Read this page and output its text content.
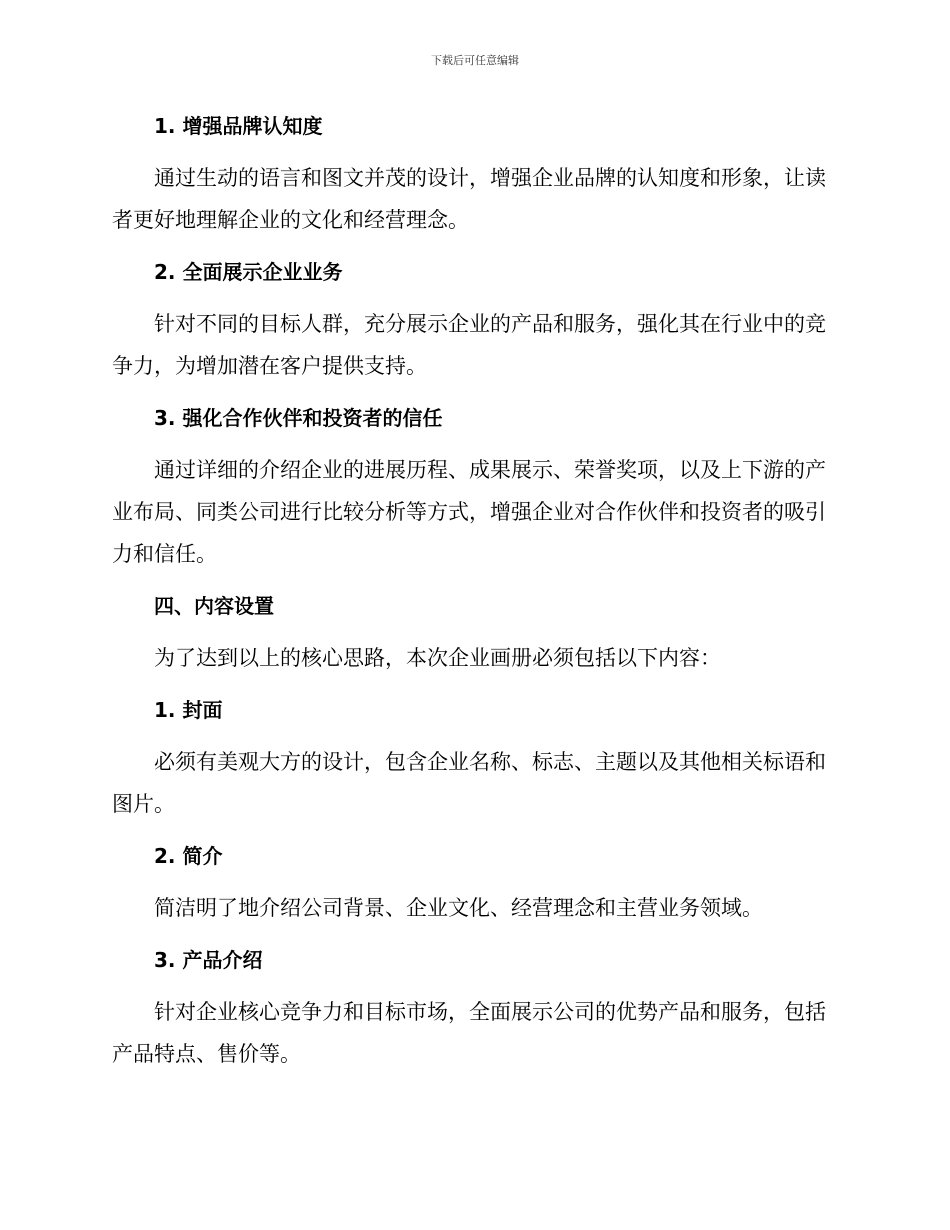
下载后可任意编辑

1. 增强品牌认知度

通过生动的语言和图文并茂的设计，增强企业品牌的认知度和形象，让读者更好地理解企业的文化和经营理念。

2. 全面展示企业业务

针对不同的目标人群，充分展示企业的产品和服务，强化其在行业中的竞争力，为增加潜在客户提供支持。

3. 强化合作伙伴和投资者的信任

通过详细的介绍企业的进展历程、成果展示、荣誉奖项，以及上下游的产业布局、同类公司进行比较分析等方式，增强企业对合作伙伴和投资者的吸引力和信任。

四、内容设置

为了达到以上的核心思路，本次企业画册必须包括以下内容：

1. 封面

必须有美观大方的设计，包含企业名称、标志、主题以及其他相关标语和图片。

2. 简介

简洁明了地介绍公司背景、企业文化、经营理念和主营业务领域。

3. 产品介绍

针对企业核心竞争力和目标市场，全面展示公司的优势产品和服务，包括产品特点、售价等。
